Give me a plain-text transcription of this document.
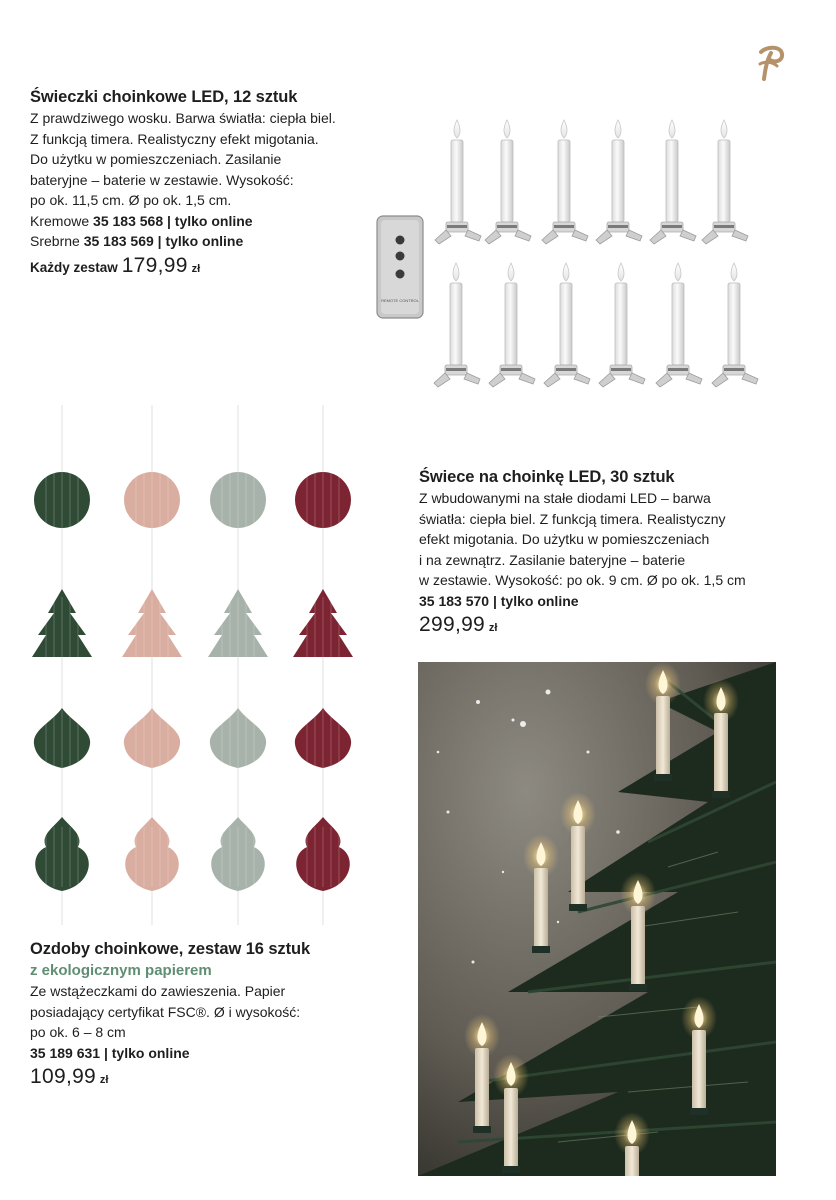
Świeczki choinkowe LED, 12 sztuk
Z prawdziwego wosku. Barwa światła: ciepła biel.
Z funkcją timera. Realistyczny efekt migotania.
Do użytku w pomieszczeniach. Zasilanie
bateryjne – baterie w zestawie. Wysokość:
po ok. 11,5 cm. Ø po ok. 1,5 cm.
Kremowe 35 183 568 | tylko online
Srebrne 35 183 569 | tylko online
Każdy zestaw 179,99 zł
REMOTE CONTROL
Świece na choinkę LED, 30 sztuk
Z wbudowanymi na stałe diodami LED – barwa
światła: ciepła biel. Z funkcją timera. Realistyczny
efekt migotania. Do użytku w pomieszczeniach
i na zewnątrz. Zasilanie bateryjne – baterie
w zestawie. Wysokość: po ok. 9 cm. Ø po ok. 1,5 cm
35 183 570 | tylko online
299,99 zł
Ozdoby choinkowe, zestaw 16 sztuk
z ekologicznym papierem
Ze wstążeczkami do zawieszenia. Papier
posiadający certyfikat FSC®. Ø i wysokość:
po ok. 6 – 8 cm
35 189 631 | tylko online
109,99 zł
